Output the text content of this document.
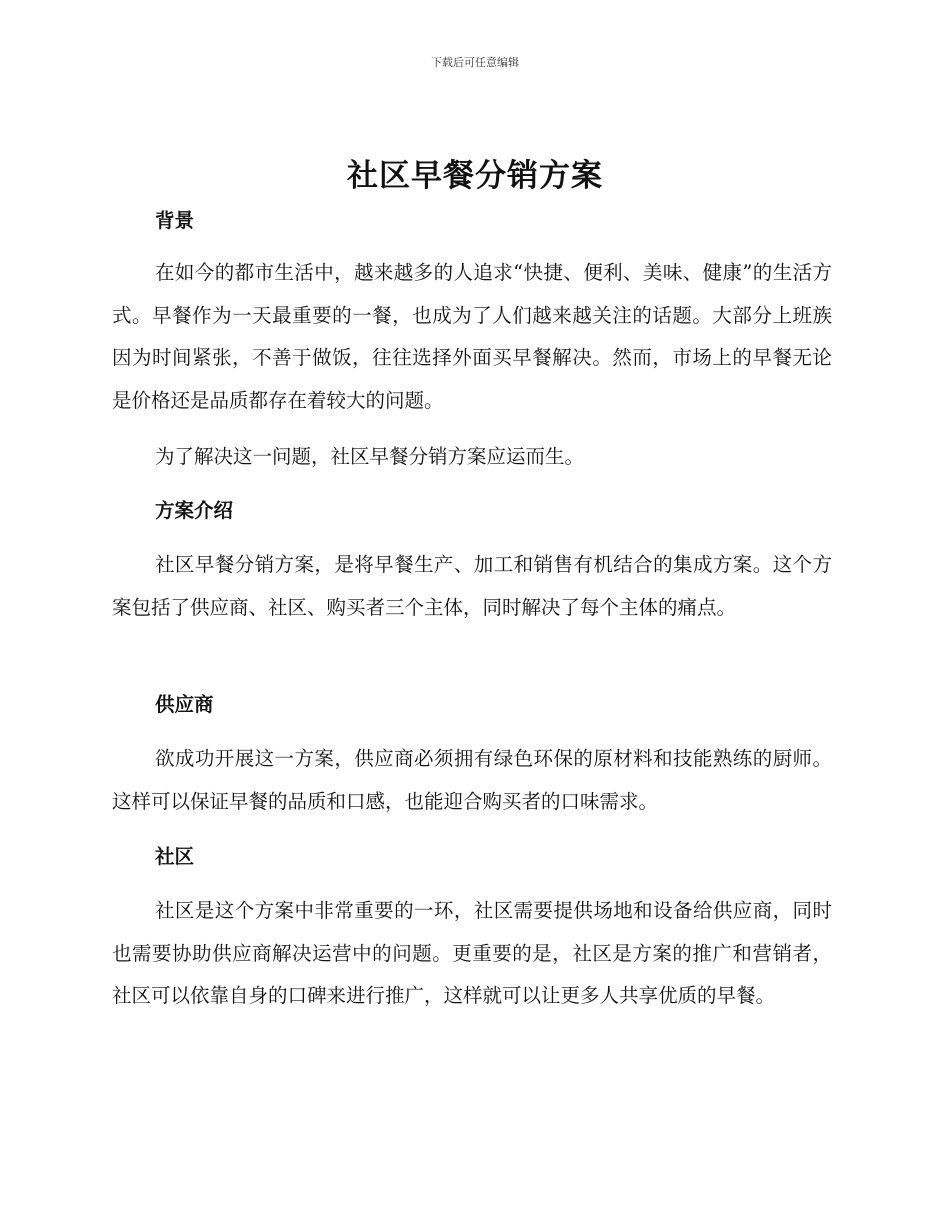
下载后可任意编辑
社区早餐分销方案
背景

在如今的都市生活中，越来越多的人追求“快捷、便利、美味、健康”的生活方式。早餐作为一天最重要的一餐，也成为了人们越来越关注的话题。大部分上班族因为时间紧张，不善于做饭，往往选择外面买早餐解决。然而，市场上的早餐无论是价格还是品质都存在着较大的问题。

为了解决这一问题，社区早餐分销方案应运而生。

方案介绍

社区早餐分销方案，是将早餐生产、加工和销售有机结合的集成方案。这个方案包括了供应商、社区、购买者三个主体，同时解决了每个主体的痛点。

供应商

欲成功开展这一方案，供应商必须拥有绿色环保的原材料和技能熟练的厨师。这样可以保证早餐的品质和口感，也能迎合购买者的口味需求。

社区

社区是这个方案中非常重要的一环，社区需要提供场地和设备给供应商，同时也需要协助供应商解决运营中的问题。更重要的是，社区是方案的推广和营销者，社区可以依靠自身的口碑来进行推广，这样就可以让更多人共享优质的早餐。
